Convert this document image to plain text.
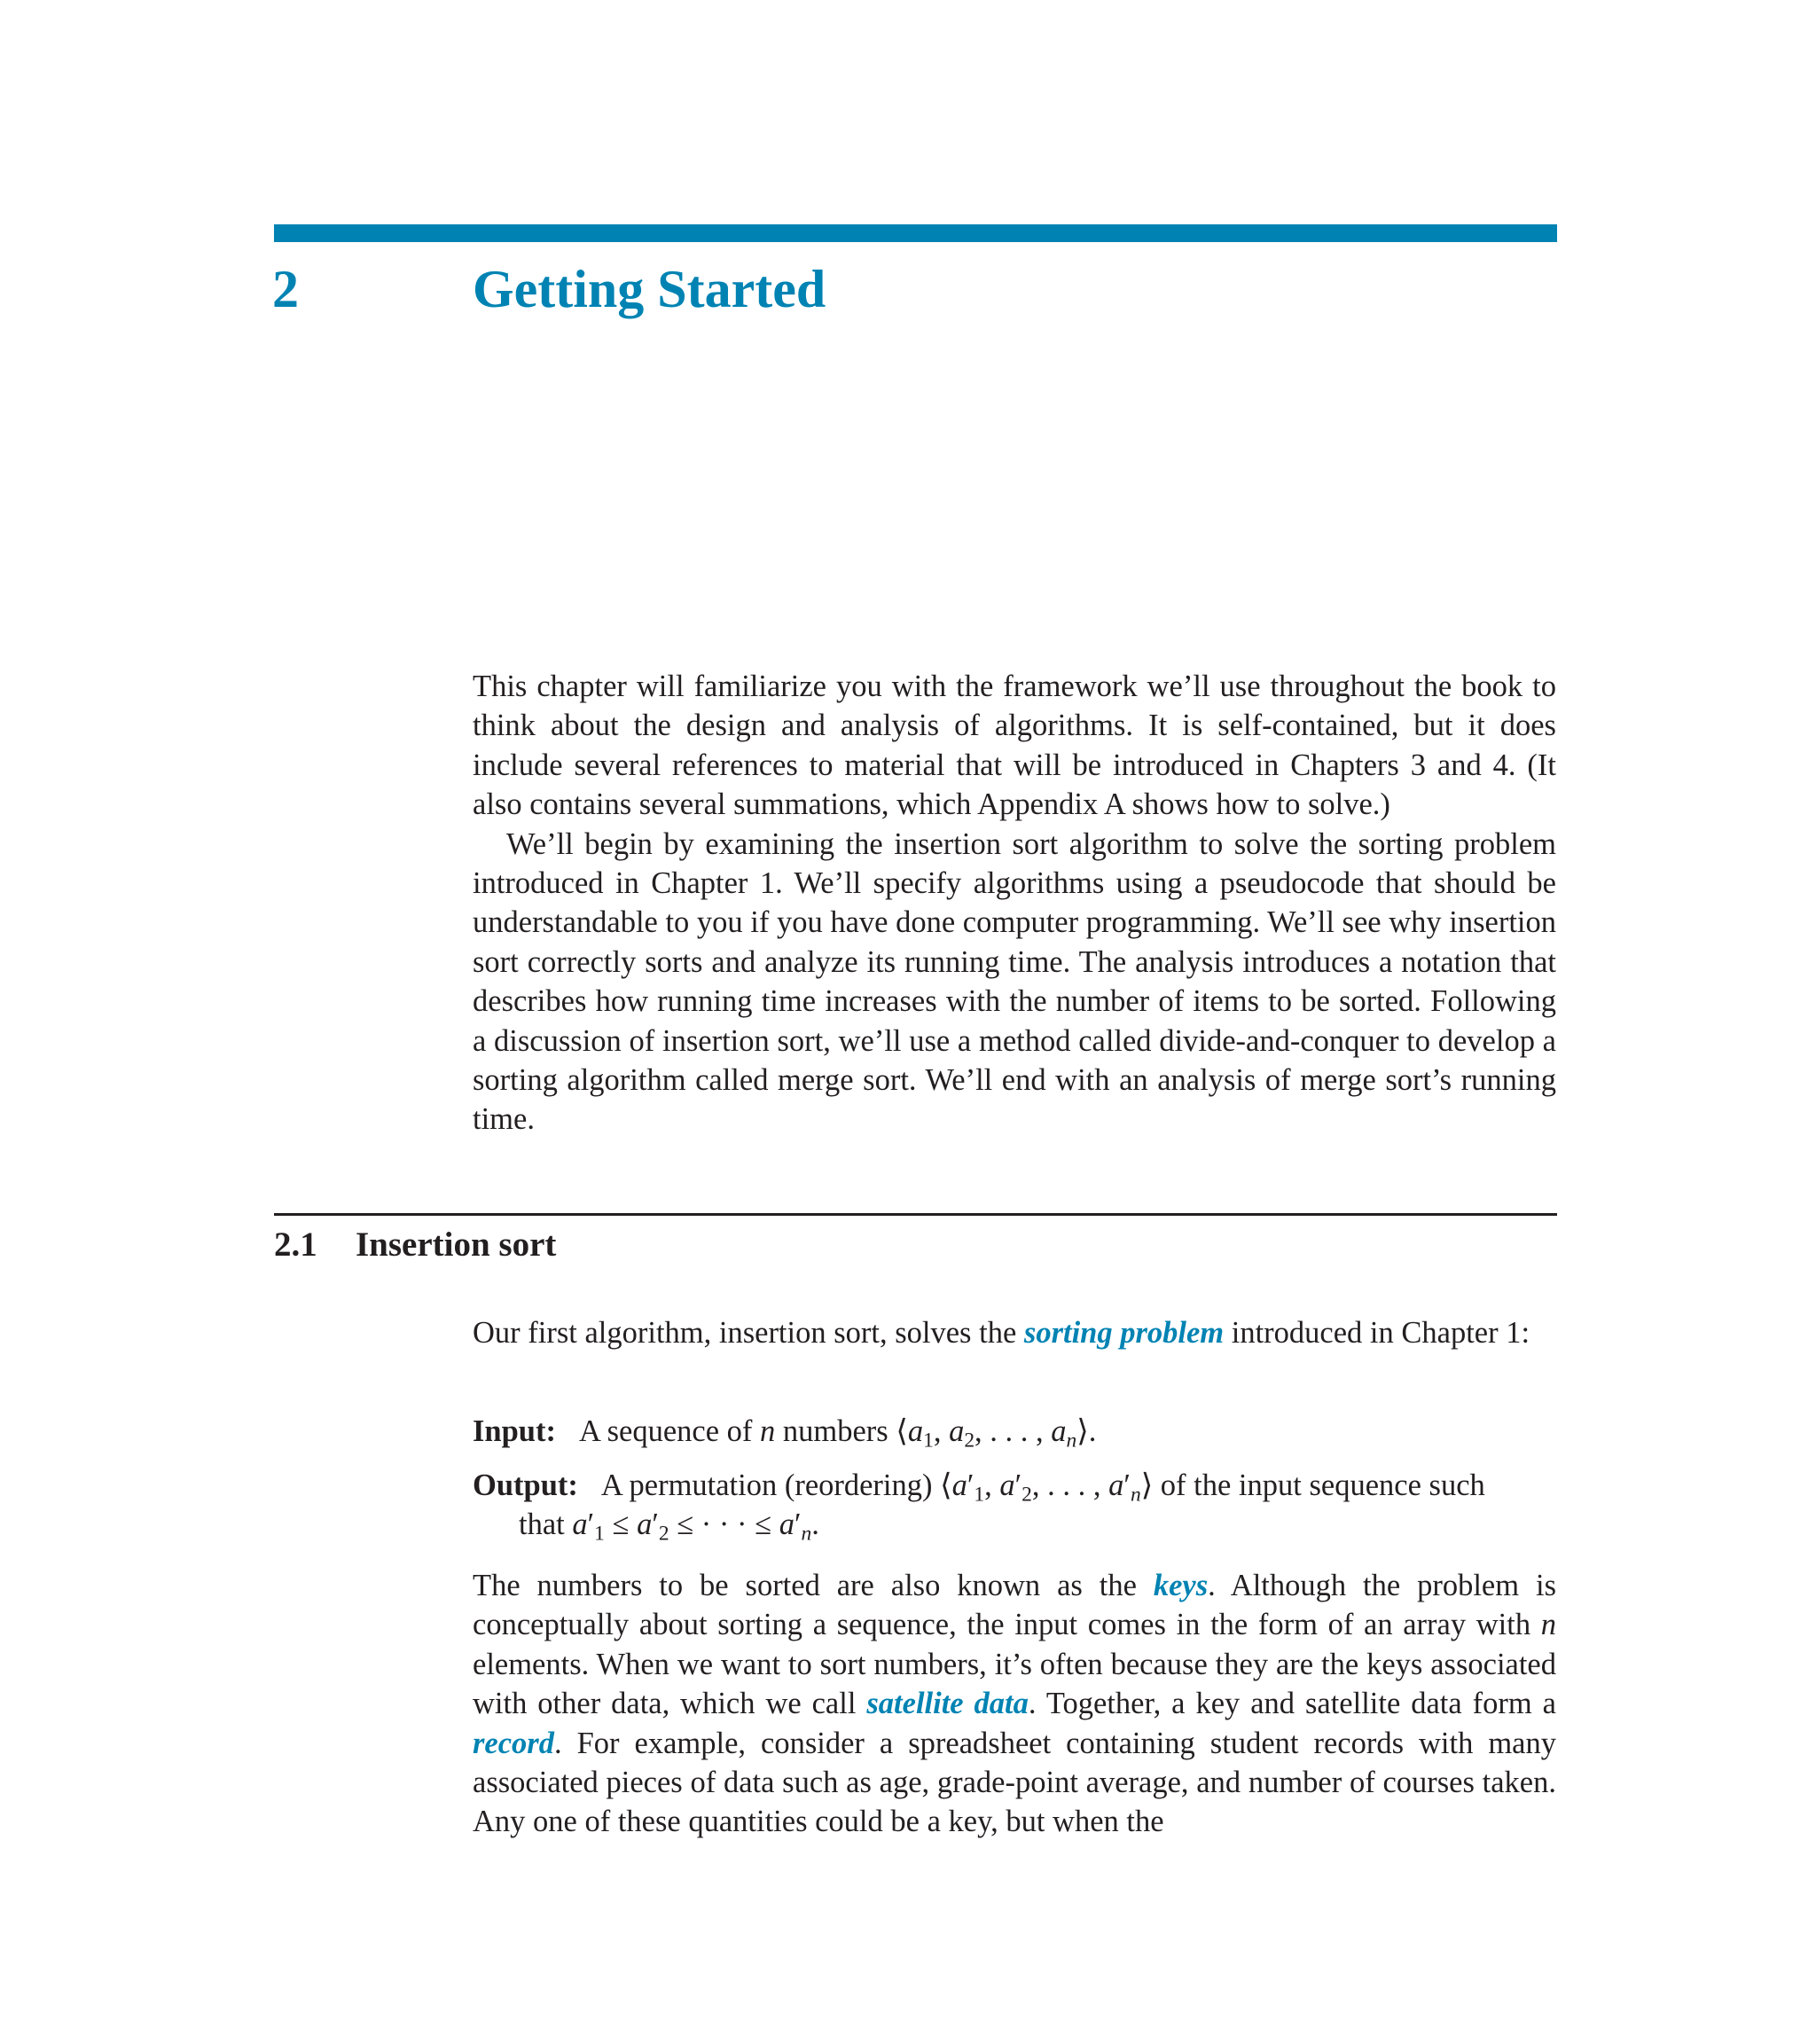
2	Getting Started

This chapter will familiarize you with the framework we’ll use throughout the book to think about the design and analysis of algorithms. It is self-contained, but it does include several references to material that will be introduced in Chapters 3 and 4. (It also contains several summations, which Appendix A shows how to solve.)

We’ll begin by examining the insertion sort algorithm to solve the sorting problem introduced in Chapter 1. We’ll specify algorithms using a pseudocode that should be understandable to you if you have done computer programming. We’ll see why insertion sort correctly sorts and analyze its running time. The analysis introduces a notation that describes how running time increases with the number of items to be sorted. Following a discussion of insertion sort, we’ll use a method called divide-and-conquer to develop a sorting algorithm called merge sort. We’ll end with an analysis of merge sort’s running time.

2.1 Insertion sort

Our first algorithm, insertion sort, solves the sorting problem introduced in Chapter 1:

Input: A sequence of n numbers $⟨a_1$, $a_2$, . . . , $a_n⟩$.
Output: A permutation (reordering) $⟨a'_1$, $a'_2$, . . . , $a'_n⟩$ of the input sequence such
that $a'_1 \le a'_2$ ≤ · · · ≤ $a'_n$.

The numbers to be sorted are also known as the keys. Although the problem is conceptually about sorting a sequence, the input comes in the form of an array with n elements. When we want to sort numbers, it’s often because they are the keys associated with other data, which we call satellite data. Together, a key and satellite data form a record. For example, consider a spreadsheet containing student records with many associated pieces of data such as age, grade-point average, and number of courses taken. Any one of these quantities could be a key, but when the
